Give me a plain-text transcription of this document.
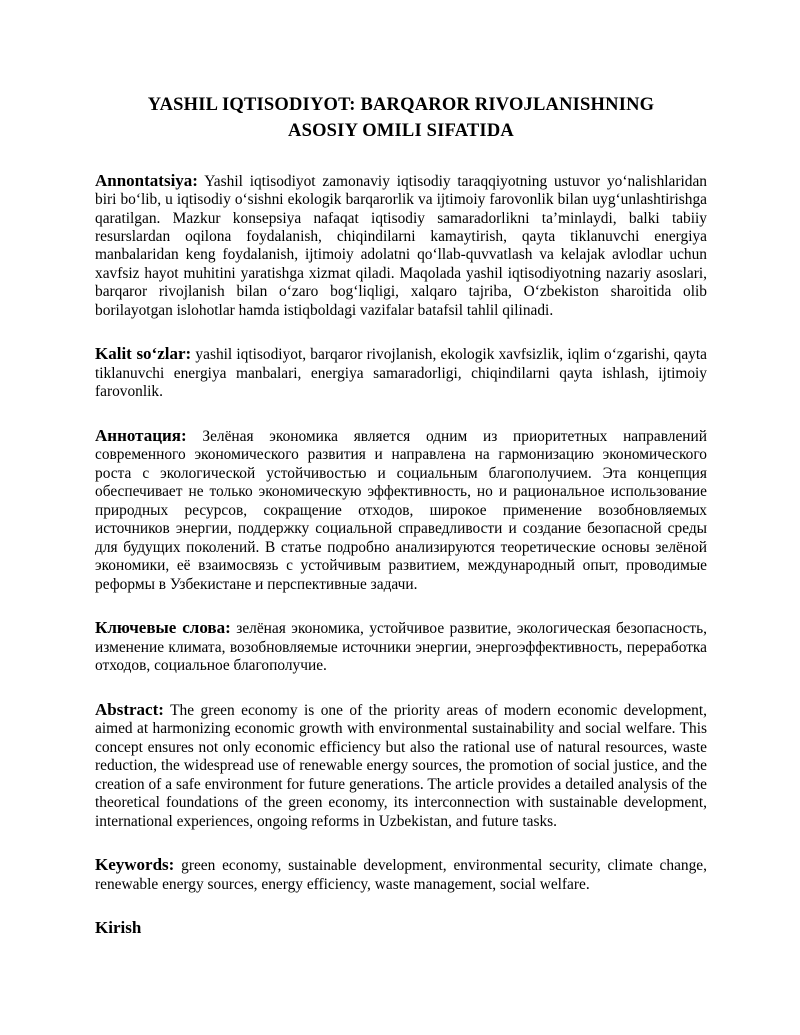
YASHIL IQTISODIYOT: BARQAROR RIVOJLANISHNING
ASOSIY OMILI SIFATIDA

Annontatsiya: Yashil iqtisodiyot zamonaviy iqtisodiy taraqqiyotning ustuvor yo‘nalishlaridan biri bo‘lib, u iqtisodiy o‘sishni ekologik barqarorlik va ijtimoiy farovonlik bilan uyg‘unlashtirishga qaratilgan. Mazkur konsepsiya nafaqat iqtisodiy samaradorlikni ta’minlaydi, balki tabiiy resurslardan oqilona foydalanish, chiqindilarni kamaytirish, qayta tiklanuvchi energiya manbalaridan keng foydalanish, ijtimoiy adolatni qo‘llab-quvvatlash va kelajak avlodlar uchun xavfsiz hayot muhitini yaratishga xizmat qiladi. Maqolada yashil iqtisodiyotning nazariy asoslari, barqaror rivojlanish bilan o‘zaro bog‘liqligi, xalqaro tajriba, O‘zbekiston sharoitida olib borilayotgan islohotlar hamda istiqboldagi vazifalar batafsil tahlil qilinadi.

Kalit so‘zlar: yashil iqtisodiyot, barqaror rivojlanish, ekologik xavfsizlik, iqlim o‘zgarishi, qayta tiklanuvchi energiya manbalari, energiya samaradorligi, chiqindilarni qayta ishlash, ijtimoiy farovonlik.

Аннотация: Зелёная экономика является одним из приоритетных направлений современного экономического развития и направлена на гармонизацию экономического роста с экологической устойчивостью и социальным благополучием. Эта концепция обеспечивает не только экономическую эффективность, но и рациональное использование природных ресурсов, сокращение отходов, широкое применение возобновляемых источников энергии, поддержку социальной справедливости и создание безопасной среды для будущих поколений. В статье подробно анализируются теоретические основы зелёной экономики, её взаимосвязь с устойчивым развитием, международный опыт, проводимые реформы в Узбекистане и перспективные задачи.

Ключевые слова: зелёная экономика, устойчивое развитие, экологическая безопасность, изменение климата, возобновляемые источники энергии, энергоэффективность, переработка отходов, социальное благополучие.

Abstract: The green economy is one of the priority areas of modern economic development, aimed at harmonizing economic growth with environmental sustainability and social welfare. This concept ensures not only economic efficiency but also the rational use of natural resources, waste reduction, the widespread use of renewable energy sources, the promotion of social justice, and the creation of a safe environment for future generations. The article provides a detailed analysis of the theoretical foundations of the green economy, its interconnection with sustainable development, international experiences, ongoing reforms in Uzbekistan, and future tasks.

Keywords: green economy, sustainable development, environmental security, climate change, renewable energy sources, energy efficiency, waste management, social welfare.

Kirish
